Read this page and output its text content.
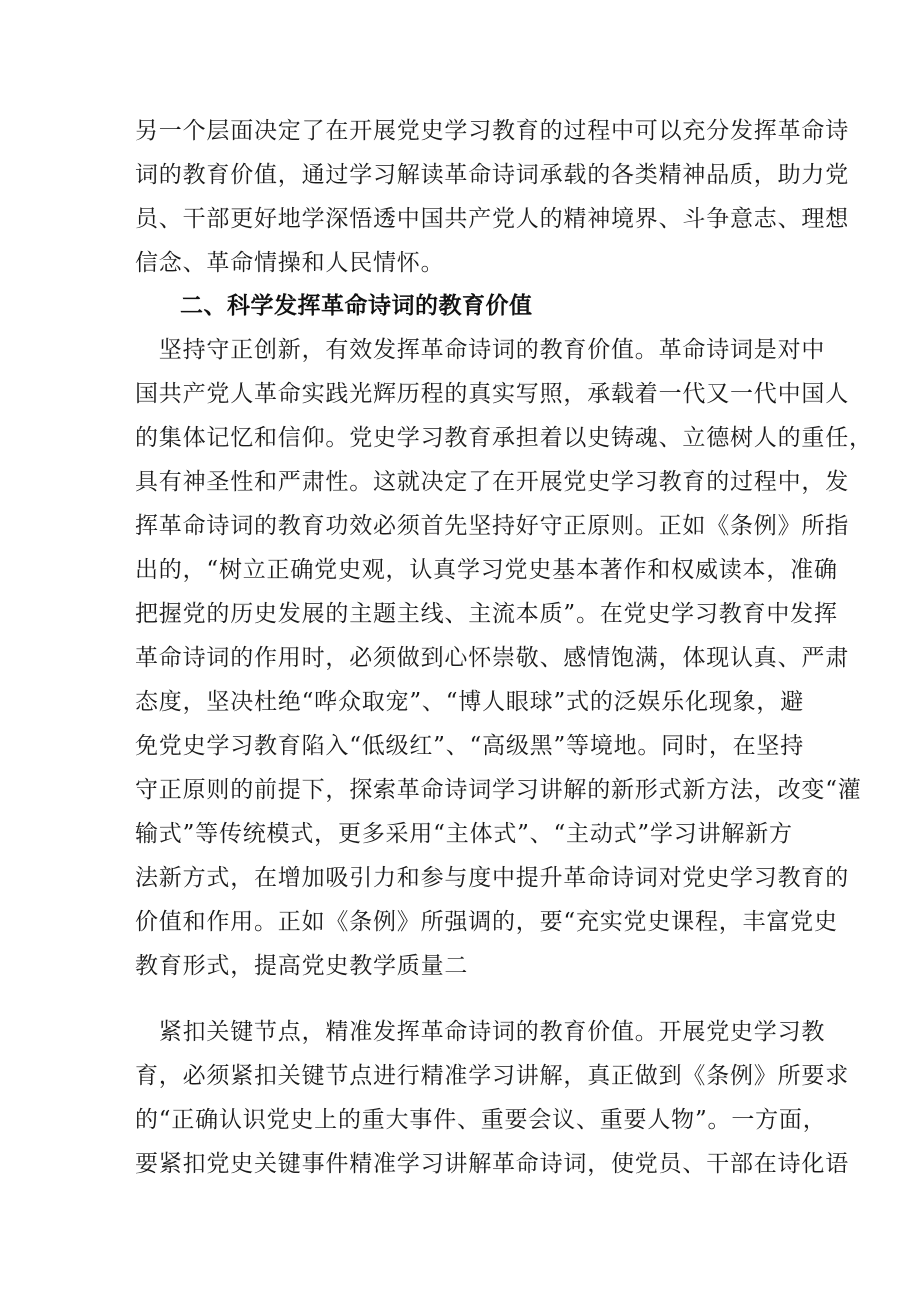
另一个层面决定了在开展党史学习教育的过程中可以充分发挥革命诗
词的教育价值，通过学习解读革命诗词承载的各类精神品质，助力党
员、干部更好地学深悟透中国共产党人的精神境界、斗争意志、理想
信念、革命情操和人民情怀。
二、科学发挥革命诗词的教育价值
　坚持守正创新，有效发挥革命诗词的教育价值。革命诗词是对中
国共产党人革命实践光辉历程的真实写照，承载着一代又一代中国人
的集体记忆和信仰。党史学习教育承担着以史铸魂、立德树人的重任，
具有神圣性和严肃性。这就决定了在开展党史学习教育的过程中，发
挥革命诗词的教育功效必须首先坚持好守正原则。正如《条例》所指
出的，“树立正确党史观，认真学习党史基本著作和权威读本，准确
把握党的历史发展的主题主线、主流本质”。在党史学习教育中发挥
革命诗词的作用时，必须做到心怀崇敬、感情饱满，体现认真、严肃
态度，坚决杜绝“哗众取宠”、“博人眼球”式的泛娱乐化现象，避
免党史学习教育陷入“低级红”、“高级黑”等境地。同时，在坚持
守正原则的前提下，探索革命诗词学习讲解的新形式新方法，改变“灌
输式”等传统模式，更多采用“主体式”、“主动式”学习讲解新方
法新方式，在增加吸引力和参与度中提升革命诗词对党史学习教育的
价值和作用。正如《条例》所强调的，要“充实党史课程，丰富党史
教育形式，提高党史教学质量二
　紧扣关键节点，精准发挥革命诗词的教育价值。开展党史学习教
育，必须紧扣关键节点进行精准学习讲解，真正做到《条例》所要求
的“正确认识党史上的重大事件、重要会议、重要人物”。一方面，
要紧扣党史关键事件精准学习讲解革命诗词，使党员、干部在诗化语
